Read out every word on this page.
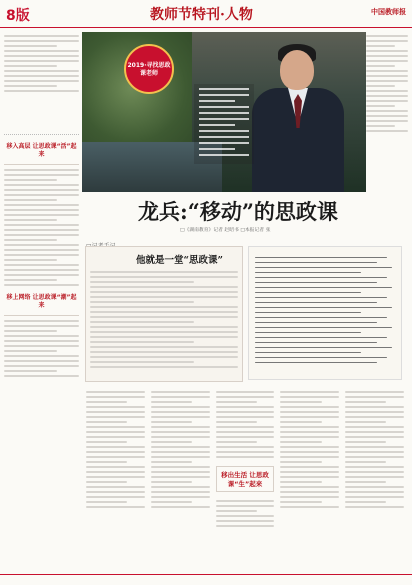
8版	教师节特刊·人物	中国教师报
移入高层 让思政课“活”起来
移上网络 让思政课“潮”起来
2019·寻找思政课老师
龙兵:“移动”的思政课
□《湖南教育》记者 赵昭书 □本报记者 张
他就是一堂“思政课”
移出生活 让思政课“生”起来
